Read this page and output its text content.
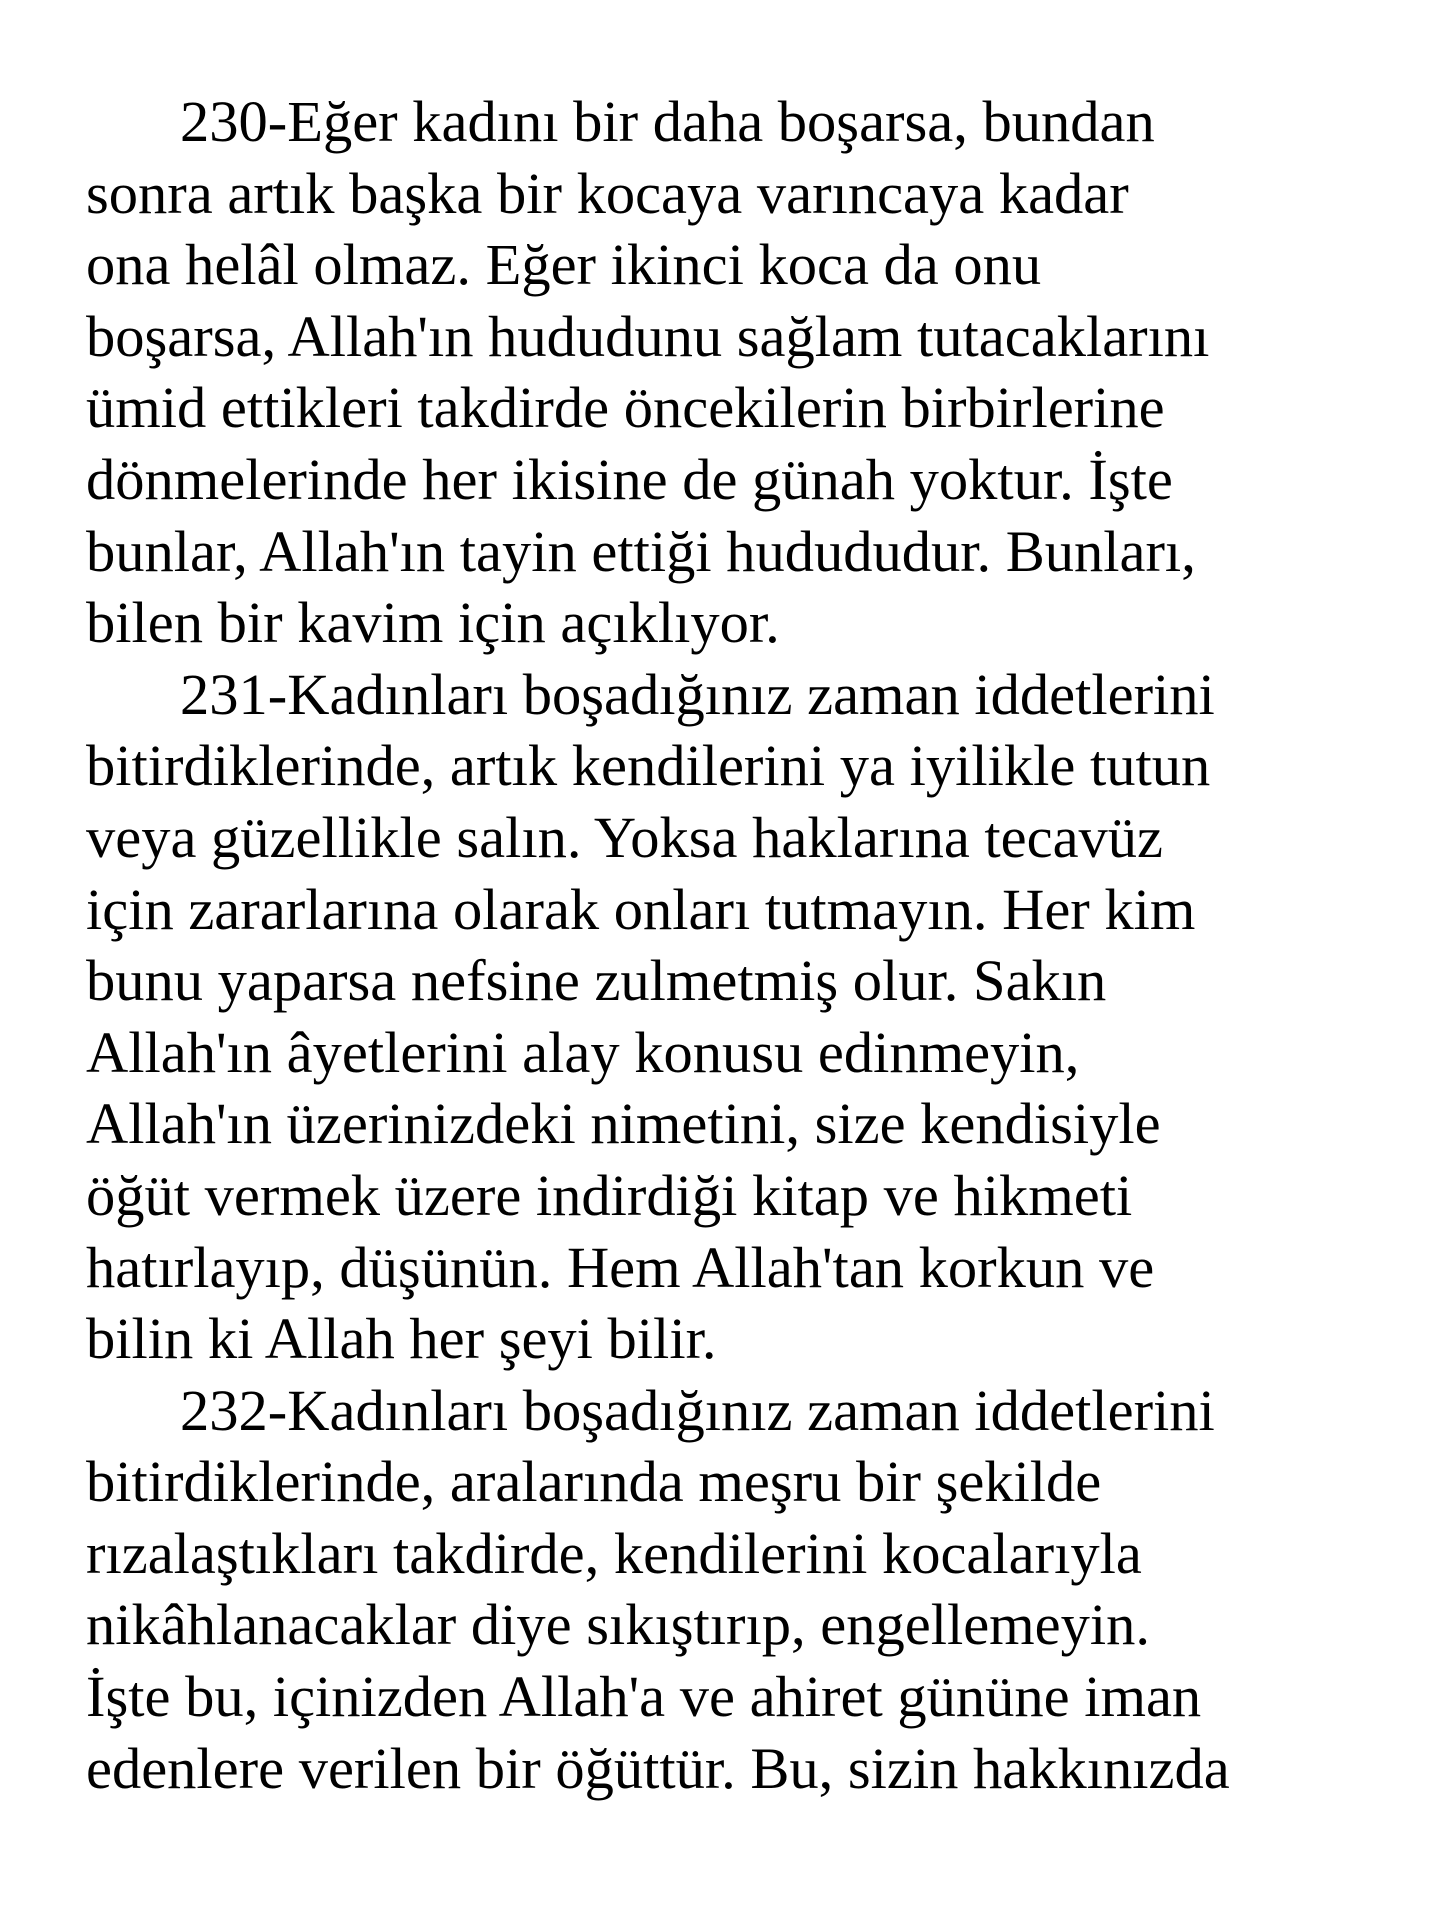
230-Eğer kadını bir daha boşarsa, bundan
sonra artık başka bir kocaya varıncaya kadar
ona helâl olmaz. Eğer ikinci koca da onu
boşarsa, Allah'ın hududunu sağlam tutacaklarını
ümid ettikleri takdirde öncekilerin birbirlerine
dönmelerinde her ikisine de günah yoktur. İşte
bunlar, Allah'ın tayin ettiği hudududur. Bunları,
bilen bir kavim için açıklıyor.

231-Kadınları boşadığınız zaman iddetlerini
bitirdiklerinde, artık kendilerini ya iyilikle tutun
veya güzellikle salın. Yoksa haklarına tecavüz
için zararlarına olarak onları tutmayın. Her kim
bunu yaparsa nefsine zulmetmiş olur. Sakın
Allah'ın âyetlerini alay konusu edinmeyin,
Allah'ın üzerinizdeki nimetini, size kendisiyle
öğüt vermek üzere indirdiği kitap ve hikmeti
hatırlayıp, düşünün. Hem Allah'tan korkun ve
bilin ki Allah her şeyi bilir.

232-Kadınları boşadığınız zaman iddetlerini
bitirdiklerinde, aralarında meşru bir şekilde
rızalaştıkları takdirde, kendilerini kocalarıyla
nikâhlanacaklar diye sıkıştırıp, engellemeyin.
İşte bu, içinizden Allah'a ve ahiret gününe iman
edenlere verilen bir öğüttür. Bu, sizin hakkınızda
